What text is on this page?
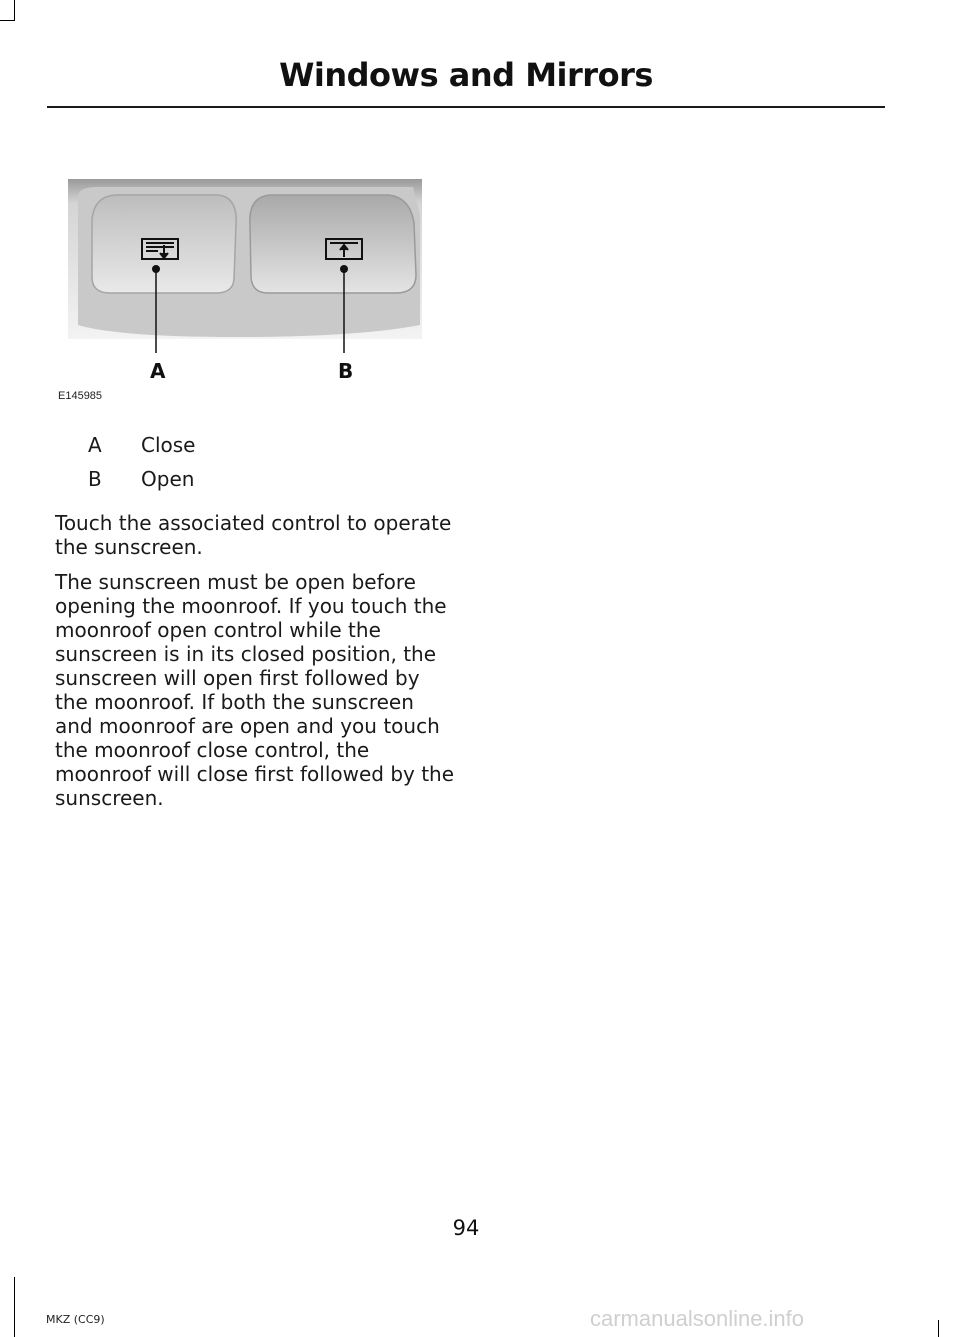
Windows and Mirrors
A	B
E145985
A	Close
B	Open

Touch the associated control to operate the sunscreen.

The sunscreen must be open before opening the moonroof. If you touch the moonroof open control while the sunscreen is in its closed position, the sunscreen will open first followed by the moonroof. If both the sunscreen and moonroof are open and you touch the moonroof close control, the moonroof will close first followed by the sunscreen.

94
MKZ (CC9)	carmanualsonline.info
